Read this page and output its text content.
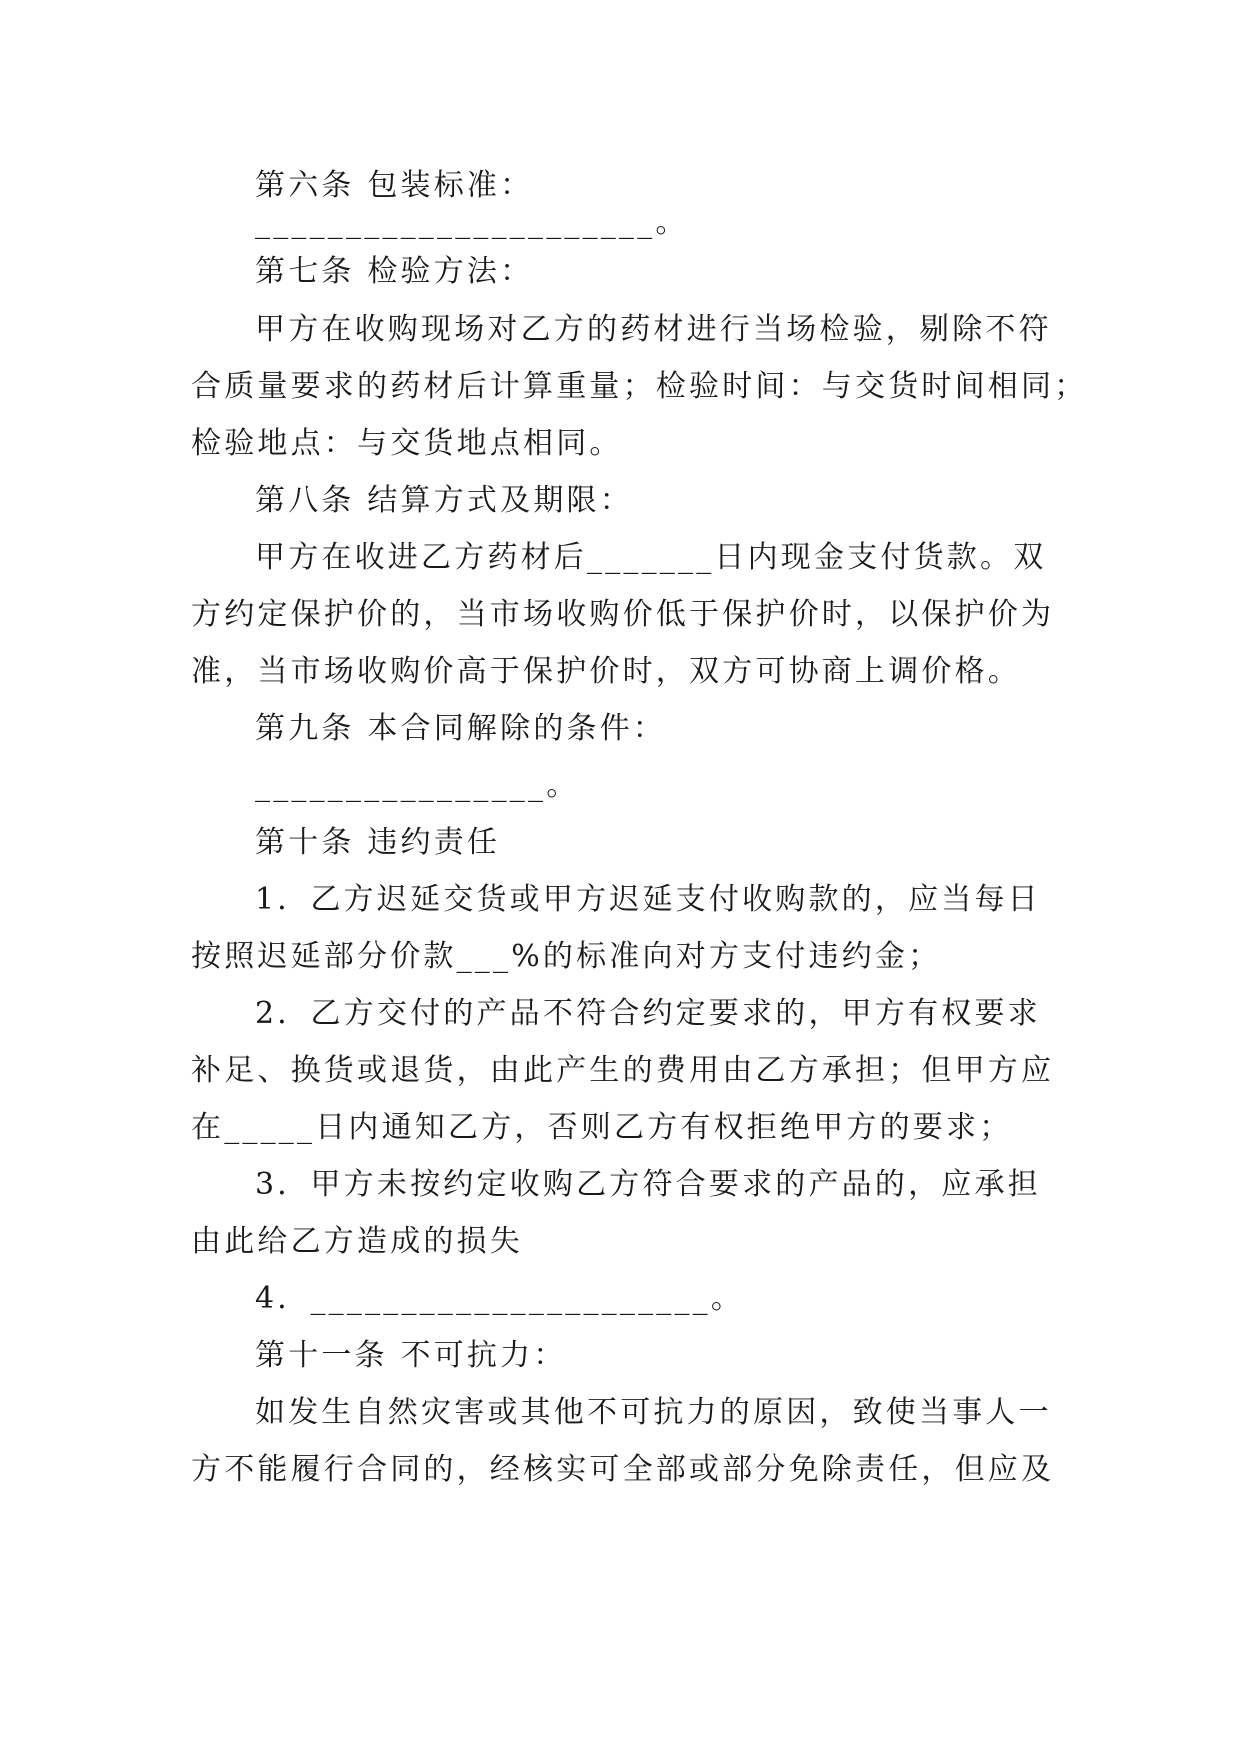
第六条 包装标准：
______________________。
第七条 检验方法：
甲方在收购现场对乙方的药材进行当场检验，剔除不符
合质量要求的药材后计算重量；检验时间：与交货时间相同；
检验地点：与交货地点相同。
第八条 结算方式及期限：
甲方在收进乙方药材后_______日内现金支付货款。双
方约定保护价的，当市场收购价低于保护价时，以保护价为
准，当市场收购价高于保护价时，双方可协商上调价格。
第九条 本合同解除的条件：
________________。
第十条 违约责任
1．乙方迟延交货或甲方迟延支付收购款的，应当每日
按照迟延部分价款___%的标准向对方支付违约金；
2．乙方交付的产品不符合约定要求的，甲方有权要求
补足、换货或退货，由此产生的费用由乙方承担；但甲方应
在_____日内通知乙方，否则乙方有权拒绝甲方的要求；
3．甲方未按约定收购乙方符合要求的产品的，应承担
由此给乙方造成的损失
4．______________________。
第十一条 不可抗力：
如发生自然灾害或其他不可抗力的原因，致使当事人一
方不能履行合同的，经核实可全部或部分免除责任，但应及
